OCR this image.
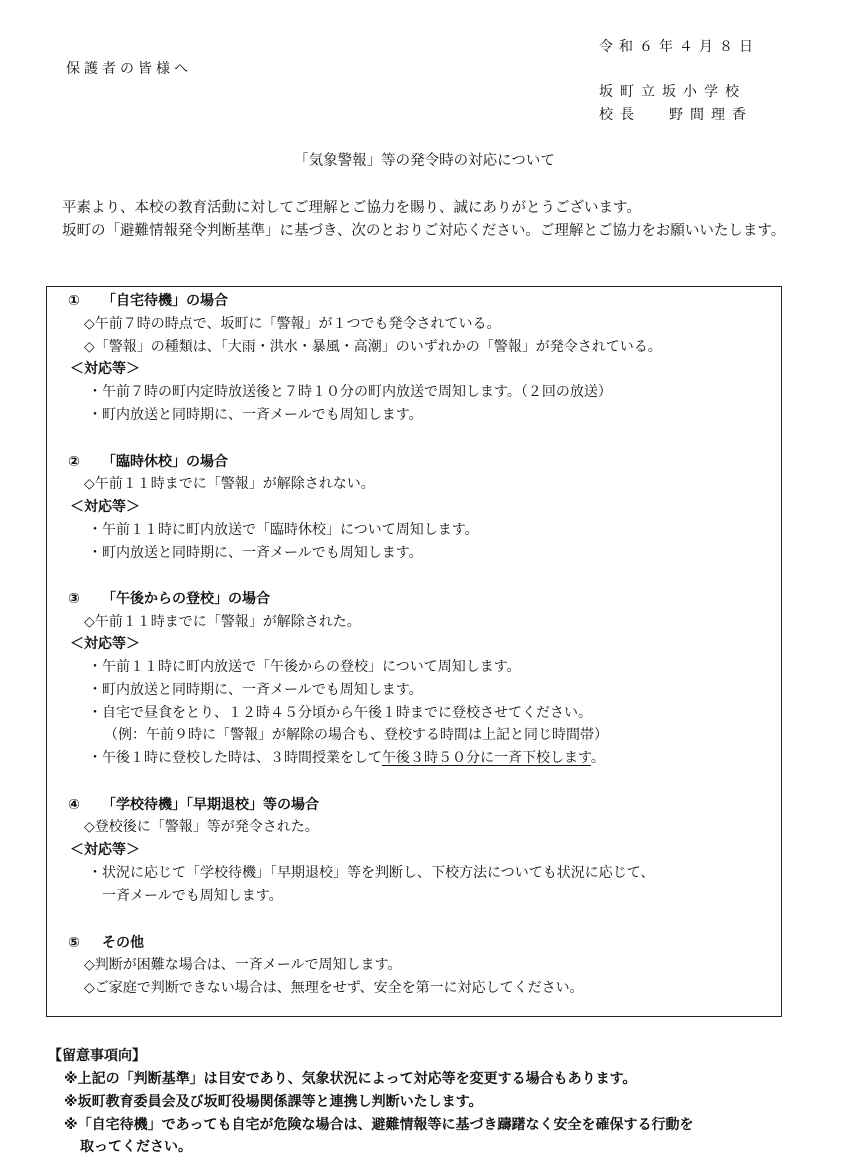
令和６年４月８日
保護者の皆様へ
坂町立坂小学校
校長 野間理香
「気象警報」等の発令時の対応について
平素より、本校の教育活動に対してご理解とご協力を賜り、誠にありがとうございます。
坂町の「避難情報発令判断基準」に基づき、次のとおりご対応ください。ご理解とご協力をお願いいたします。
① 「自宅待機」の場合
◇午前７時の時点で、坂町に「警報」が１つでも発令されている。
◇「警報」の種類は、「大雨・洪水・暴風・高潮」のいずれかの「警報」が発令されている。
＜対応等＞
・午前７時の町内定時放送後と７時１０分の町内放送で周知します。（２回の放送）
・町内放送と同時期に、一斉メールでも周知します。
② 「臨時休校」の場合
◇午前１１時までに「警報」が解除されない。
＜対応等＞
・午前１１時に町内放送で「臨時休校」について周知します。
・町内放送と同時期に、一斉メールでも周知します。
③ 「午後からの登校」の場合
◇午前１１時までに「警報」が解除された。
＜対応等＞
・午前１１時に町内放送で「午後からの登校」について周知します。
・町内放送と同時期に、一斉メールでも周知します。
・自宅で昼食をとり、１２時４５分頃から午後１時までに登校させてください。
（例：午前９時に「警報」が解除の場合も、登校する時間は上記と同じ時間帯）
・午後１時に登校した時は、３時間授業をして午後３時５０分に一斉下校します。
④ 「学校待機」「早期退校」等の場合
◇登校後に「警報」等が発令された。
＜対応等＞
・状況に応じて「学校待機」「早期退校」等を判断し、下校方法についても状況に応じて、
一斉メールでも周知します。
⑤ その他
◇判断が困難な場合は、一斉メールで周知します。
◇ご家庭で判断できない場合は、無理をせず、安全を第一に対応してください。
【留意事項向】
※上記の「判断基準」は目安であり、気象状況によって対応等を変更する場合もあります。
※坂町教育委員会及び坂町役場関係課等と連携し判断いたします。
※「自宅待機」であっても自宅が危険な場合は、避難情報等に基づき躊躇なく安全を確保する行動を
取ってください。
